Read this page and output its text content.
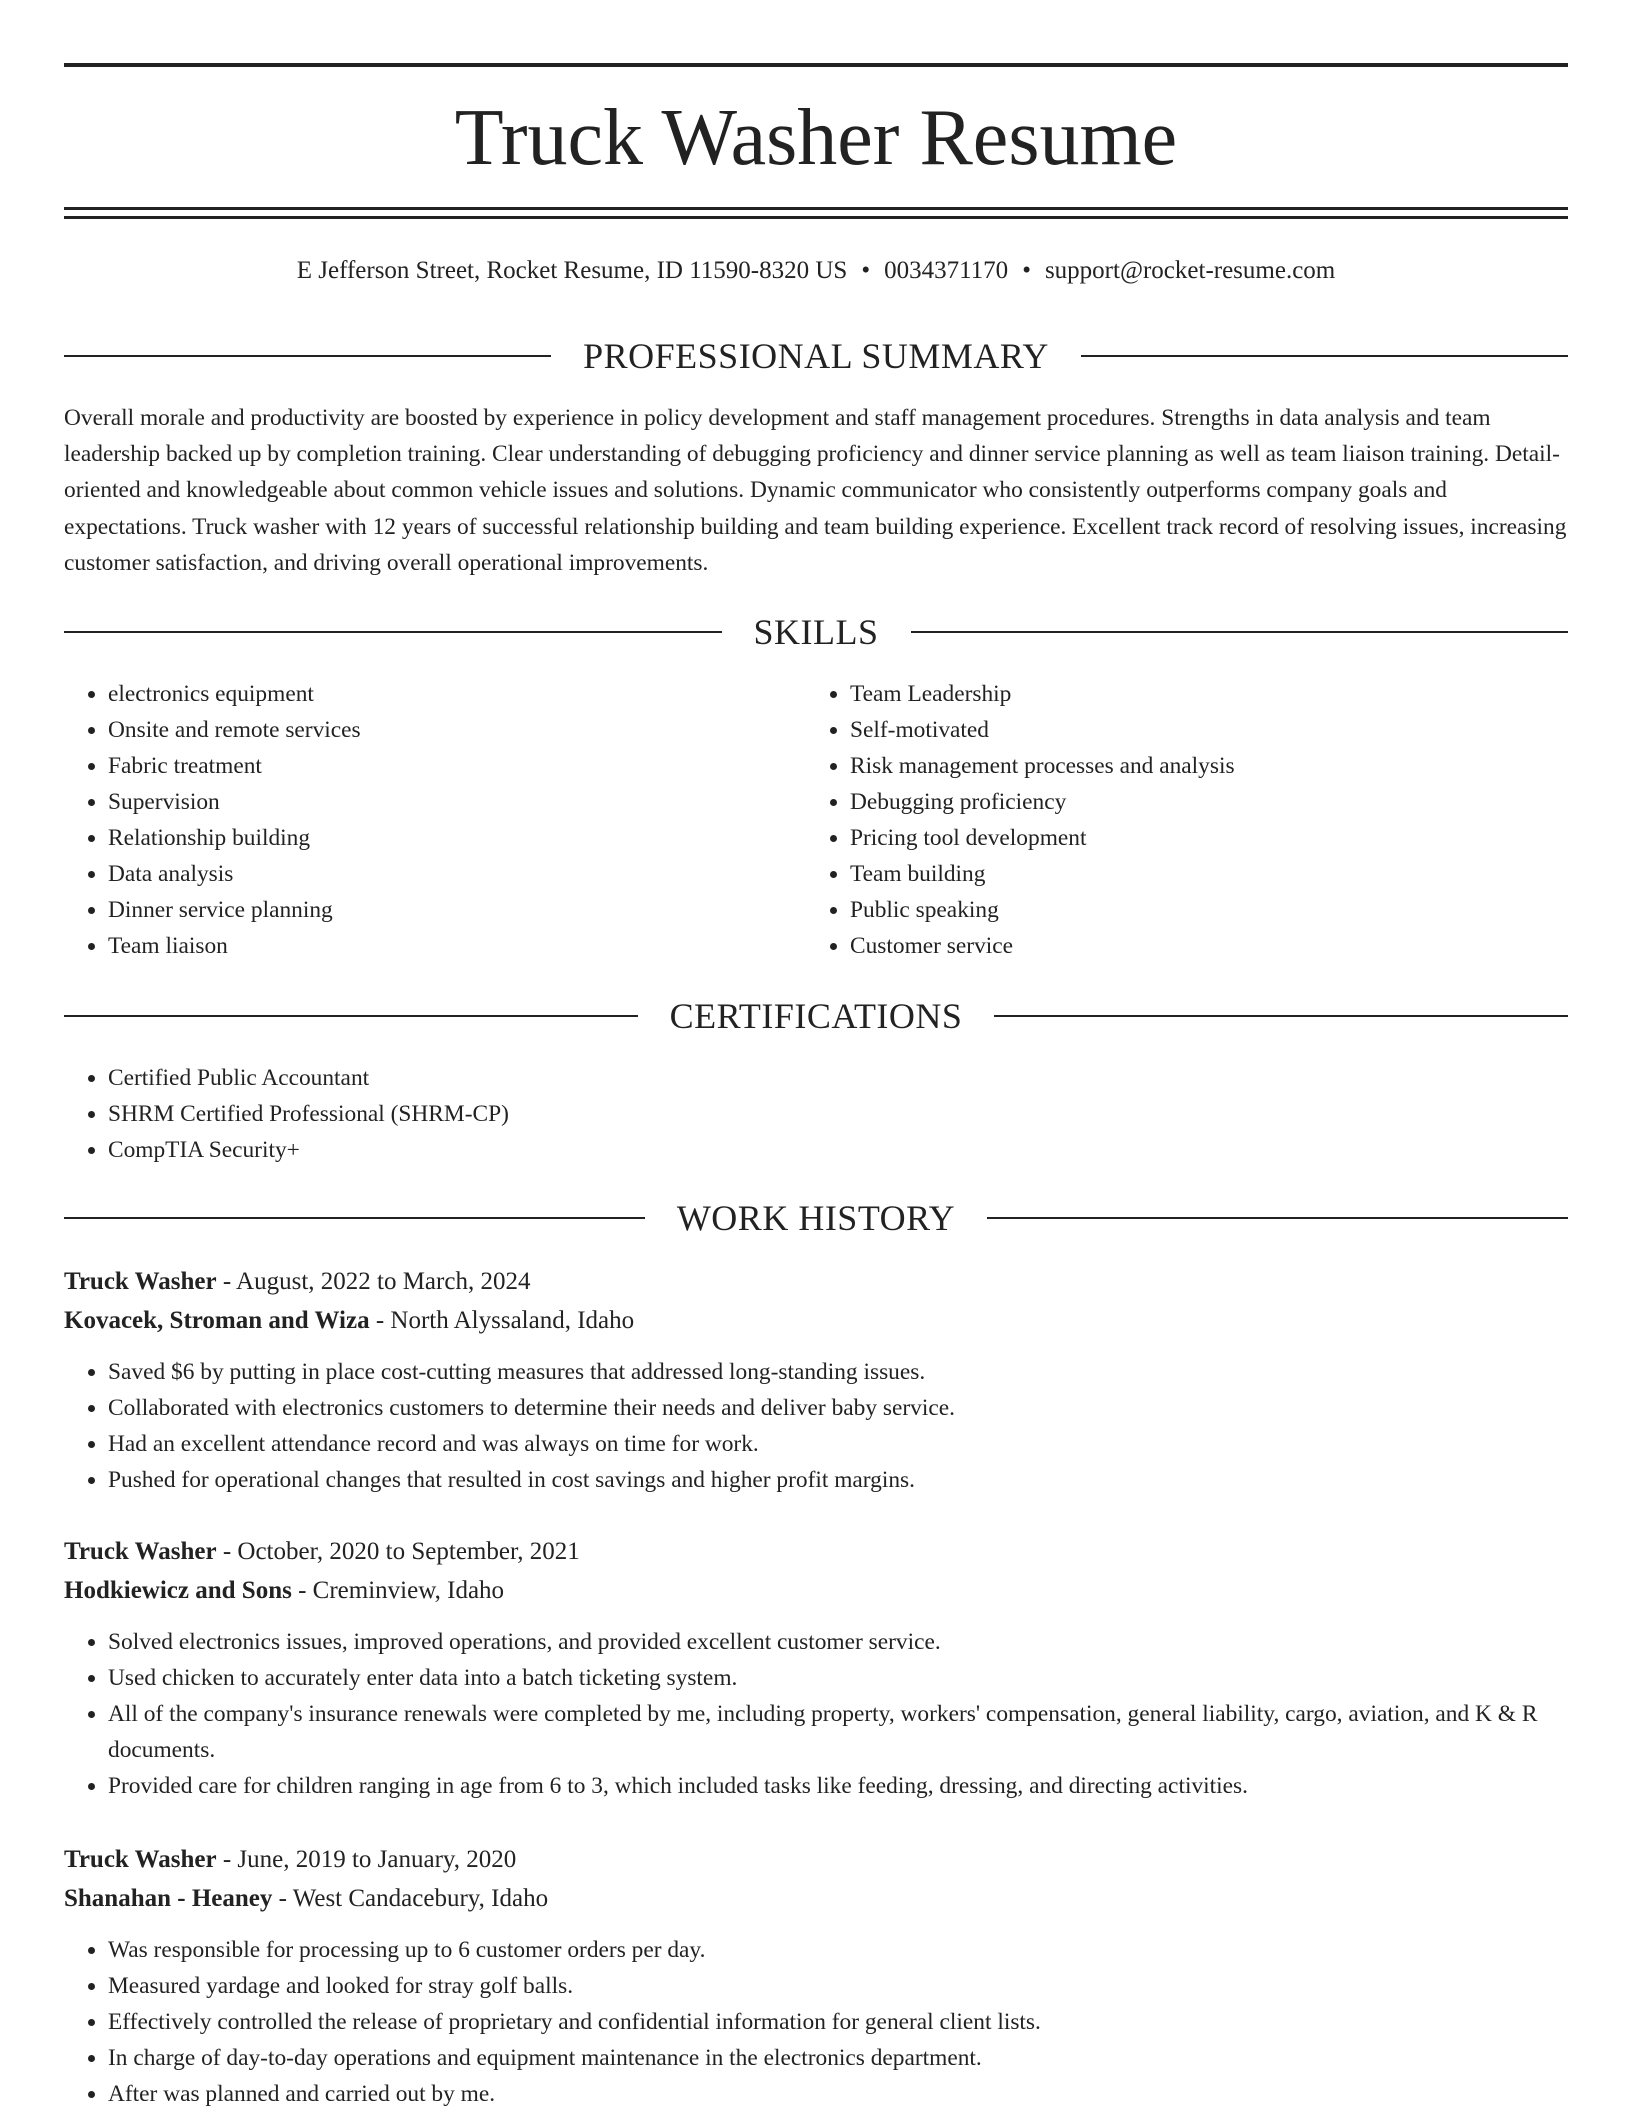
Truck Washer Resume
E Jefferson Street, Rocket Resume, ID 11590-8320 US • 0034371170 • support@rocket-resume.com
PROFESSIONAL SUMMARY

Overall morale and productivity are boosted by experience in policy development and staff management procedures. Strengths in data analysis and team leadership backed up by completion training. Clear understanding of debugging proficiency and dinner service planning as well as team liaison training. Detail-oriented and knowledgeable about common vehicle issues and solutions. Dynamic communicator who consistently outperforms company goals and expectations. Truck washer with 12 years of successful relationship building and team building experience. Excellent track record of resolving issues, increasing customer satisfaction, and driving overall operational improvements.

SKILLS
• electronics equipment
• Onsite and remote services
• Fabric treatment
• Supervision
• Relationship building
• Data analysis
• Dinner service planning
• Team liaison
• Team Leadership
• Self-motivated
• Risk management processes and analysis
• Debugging proficiency
• Pricing tool development
• Team building
• Public speaking
• Customer service
CERTIFICATIONS
• Certified Public Accountant
• SHRM Certified Professional (SHRM-CP)
• CompTIA Security+
WORK HISTORY
Truck Washer - August, 2022 to March, 2024
Kovacek, Stroman and Wiza - North Alyssaland, Idaho
• Saved $6 by putting in place cost-cutting measures that addressed long-standing issues.
• Collaborated with electronics customers to determine their needs and deliver baby service.
• Had an excellent attendance record and was always on time for work.
• Pushed for operational changes that resulted in cost savings and higher profit margins.
Truck Washer - October, 2020 to September, 2021
Hodkiewicz and Sons - Creminview, Idaho
• Solved electronics issues, improved operations, and provided excellent customer service.
• Used chicken to accurately enter data into a batch ticketing system.
• All of the company's insurance renewals were completed by me, including property, workers' compensation, general liability, cargo, aviation, and K & R documents.
• Provided care for children ranging in age from 6 to 3, which included tasks like feeding, dressing, and directing activities.
Truck Washer - June, 2019 to January, 2020
Shanahan - Heaney - West Candacebury, Idaho
• Was responsible for processing up to 6 customer orders per day.
• Measured yardage and looked for stray golf balls.
• Effectively controlled the release of proprietary and confidential information for general client lists.
• In charge of day-to-day operations and equipment maintenance in the electronics department.
• After was planned and carried out by me.
